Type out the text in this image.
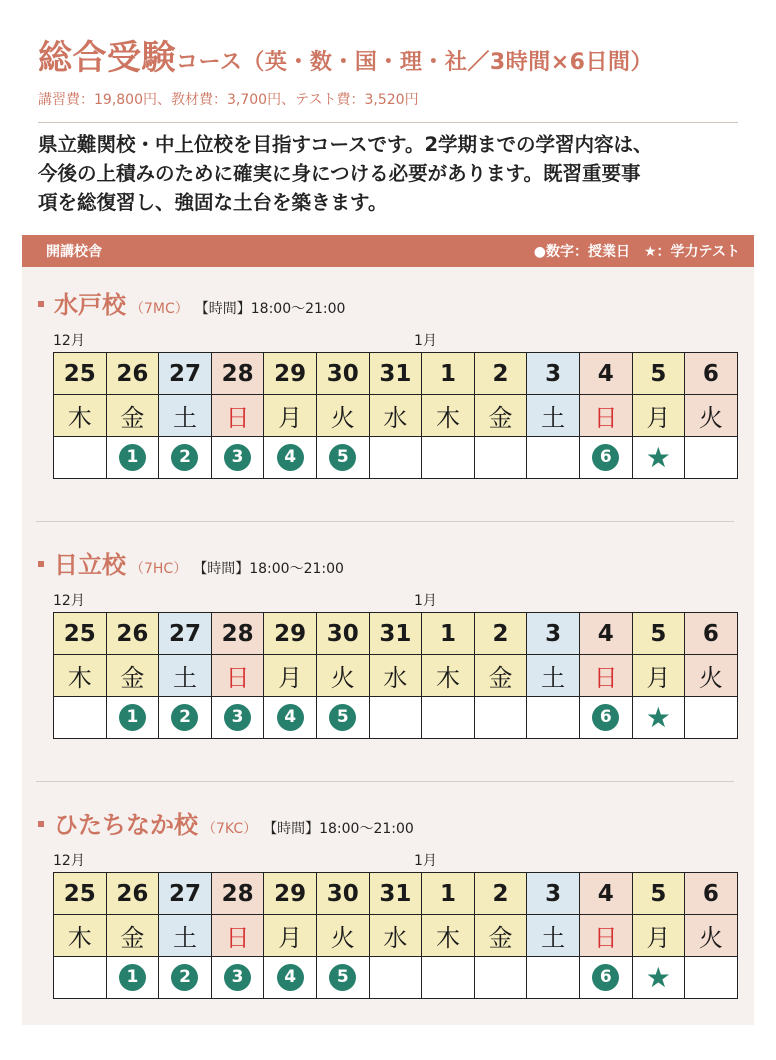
総合受験コース（英・数・国・理・社／3時間×6日間）
講習費：19,800円、教材費：3,700円、テスト費：3,520円
県立難関校・中上位校を目指すコースです。2学期までの学習内容は、
今後の上積みのために確実に身につける必要があります。既習重要事
項を総復習し、強固な土台を築きます。
開講校舎	●数字：授業日 ★：学力テスト
水戸校 （7MC） 【時間】18:00〜21:00
12月	1月
25	26	27	28	29	30	31	1	2	3	4	5	6
木	金	土	日	月	火	水	木	金	土	日	月	火
	1	2	3	4	5					6	★	
日立校 （7HC） 【時間】18:00〜21:00
12月	1月
25	26	27	28	29	30	31	1	2	3	4	5	6
木	金	土	日	月	火	水	木	金	土	日	月	火
	1	2	3	4	5					6	★	
ひたちなか校 （7KC） 【時間】18:00〜21:00
12月	1月
25	26	27	28	29	30	31	1	2	3	4	5	6
木	金	土	日	月	火	水	木	金	土	日	月	火
	1	2	3	4	5					6	★	
